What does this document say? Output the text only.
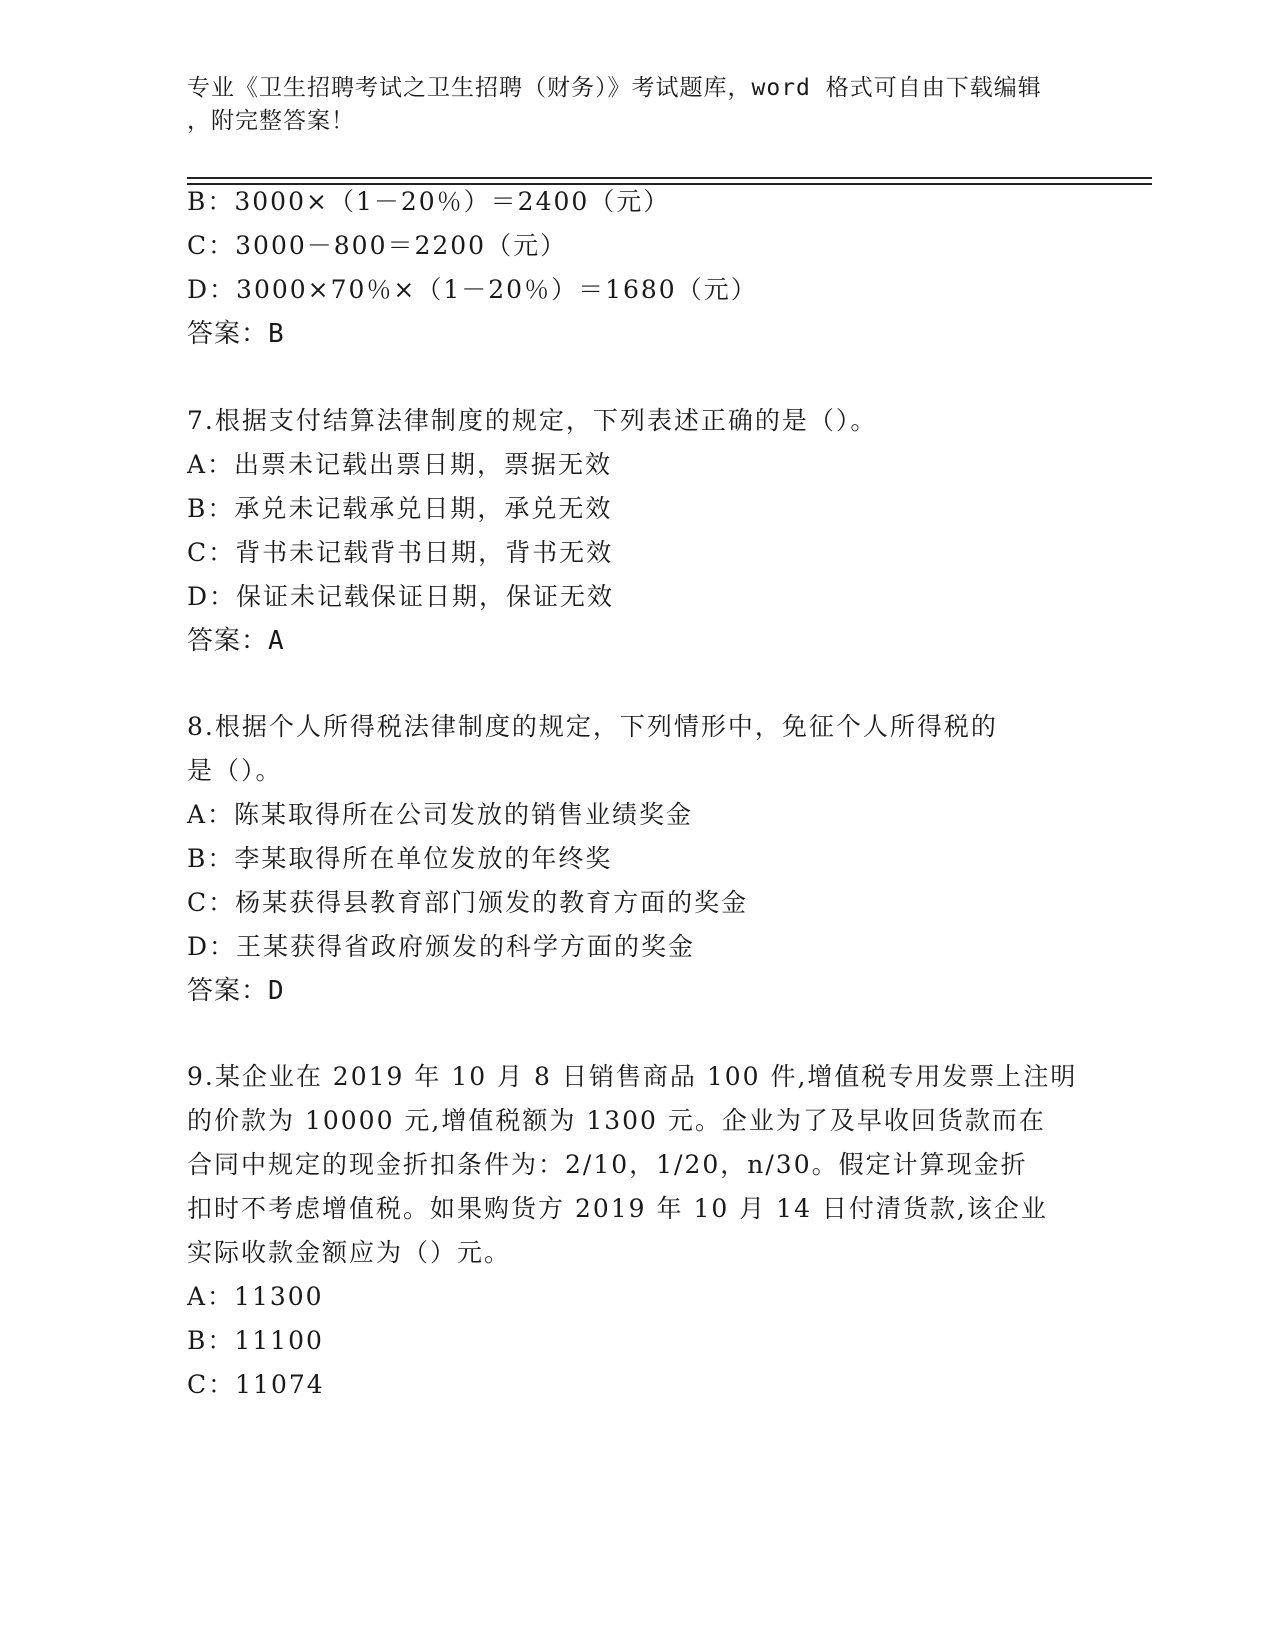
专业《卫生招聘考试之卫生招聘（财务）》考试题库，word 格式可自由下载编辑
，附完整答案！
B：3000×（1－20％）＝2400（元）
C：3000－800＝2200（元）
D：3000×70％×（1－20％）＝1680（元）
答案：B
7.根据支付结算法律制度的规定，下列表述正确的是（）。
A：出票未记载出票日期，票据无效
B：承兑未记载承兑日期，承兑无效
C：背书未记载背书日期，背书无效
D：保证未记载保证日期，保证无效
答案：A
8.根据个人所得税法律制度的规定，下列情形中，免征个人所得税的
是（）。
A：陈某取得所在公司发放的销售业绩奖金
B：李某取得所在单位发放的年终奖
C：杨某获得县教育部门颁发的教育方面的奖金
D：王某获得省政府颁发的科学方面的奖金
答案：D
9.某企业在 2019 年 10 月 8 日销售商品 100 件,增值税专用发票上注明
的价款为 10000 元,增值税额为 1300 元。企业为了及早收回货款而在
合同中规定的现金折扣条件为：2/10，1/20，n/30。假定计算现金折
扣时不考虑增值税。如果购货方 2019 年 10 月 14 日付清货款,该企业
实际收款金额应为（）元。
A：11300
B：11100
C：11074
